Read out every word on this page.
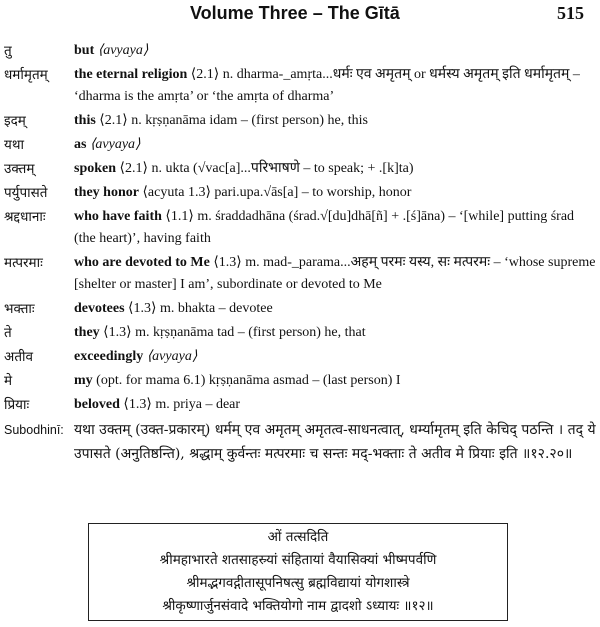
Volume Three – The Gītā	515
तु	but ⟨avyaya⟩
धर्मामृतम्	the eternal religion ⟨2.1⟩ n. dharma-_amṛta...धर्मः एव अमृतम् or धर्मस्य अमृतम् इति धर्मामृतम् – ‘dharma is the amṛta’ or ‘the amṛta of dharma’
इदम्	this ⟨2.1⟩ n. kṛṣṇanāma idam – (first person) he, this
यथा	as ⟨avyaya⟩
उक्तम्	spoken ⟨2.1⟩ n. ukta (√vac[a]...परिभाषणे – to speak; + .[k]ta)
पर्युपासते	they honor ⟨acyuta 1.3⟩ pari.upa.√ās[a] – to worship, honor
श्रद्दधानाः	who have faith ⟨1.1⟩ m. śraddadhāna (śrad.√[du]dhā[ñ] + .[ś]āna) – ‘[while] putting śrad (the heart)’, having faith
मत्परमाः	who are devoted to Me ⟨1.3⟩ m. mad-_parama...अहम् परमः यस्य, सः मत्परमः – ‘whose supreme [shelter or master] I am’, subordinate or devoted to Me
भक्ताः	devotees ⟨1.3⟩ m. bhakta – devotee
ते	they ⟨1.3⟩ m. kṛṣṇanāma tad – (first person) he, that
अतीव	exceedingly ⟨avyaya⟩
मे	my (opt. for mama 6.1) kṛṣṇanāma asmad – (last person) I
प्रियाः	beloved ⟨1.3⟩ m. priya – dear
Subodhinī: यथा उक्तम् (उक्त-प्रकारम्) धर्मम् एव अमृतम् अमृतत्व-साधनत्वात्, धर्म्यामृतम् इति केचिद् पठन्ति । तद् ये उपासते (अनुतिष्ठन्ति), श्रद्धाम् कुर्वन्तः मत्परमाः च सन्तः मद्-भक्ताः ते अतीव मे प्रियाः इति ॥१२.२०॥
ओं तत्सदिति
श्रीमहाभारते शतसाहस्र्यां संहितायां वैयासिक्यां भीष्मपर्वणि
श्रीमद्भगवद्गीतासूपनिषत्सु ब्रह्मविद्यायां योगशास्त्रे
श्रीकृष्णार्जुनसंवादे भक्तियोगो नाम द्वादशो ऽध्यायः ॥१२॥
